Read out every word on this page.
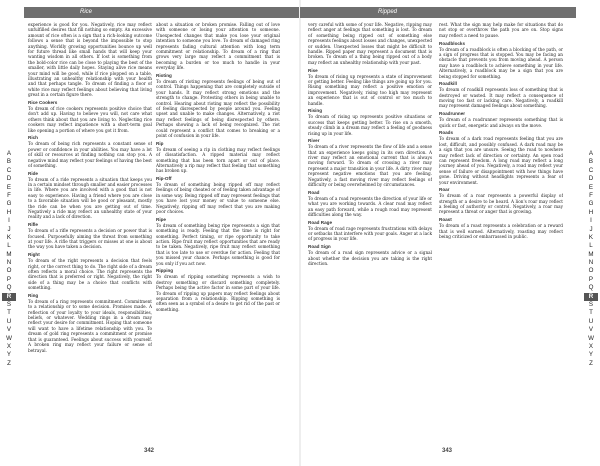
Rice
experience is good for you. Negatively, rice may reflect unfulfilled desires that fill nothing so empty. An excessive amount of rice often is a sign that a rich-looking outcome follows a sense that is beyond the impossible to stop anything. Worldly growing opportunities bounce up well for future thread like small hands that will keep your wanting wisdom in all others. If lost is something from the bold-color rice can be close to playing the best of the smaller, with little daily hopes. Staying alive rice means your mind will be good, while if rice plopped on a table, illustrating an unhealthy relationship with your health and that perhaps tangle. To dream of finding a floor of white rice may reflect feelings about believing that living great in a certain figure there.
Rice Cookers
To dream of rice cookers represents positive choice that don't add up. Having to believe you will, not care what others think about that you are living to. Neglecting rice cookers may reflect impatience with a short-term goal like opening a portion of where you got it from.
Rich
To dream of being rich represents a constant sense of power or confidence in your abilities. You may have a lot of skill or resources at finding nothing can stop you. A negative mind may reflect your feelings of having the best of something.
Ride
To dream of a ride represents a situation that keeps you in a certain mindset through smaller and easier processes in life. Where you are involved with a good that is not easy to experience. Having a friend where you are close to a favorable situation will be good or pleasant, mostly the ride can be when you are getting out of time. Negatively a ride may reflect an unhealthy state of your reality and a lack of direction.
Rifle
To dream of a rifle represents a decision or power that is focused. Purposefully aiming the threat from something at your life. A rifle that triggers or misses at one is about the way you have taken a decision.
Right
To dream of the right represents a decision that feels right, or the correct thing to do. The right side of a dream often reflects a moral choice. The right represents the direction that is preferred or right. Negatively, the right side of a thing may be a choice that conflicts with something.
Ring
To dream of a ring represents commitment. Commitment to a relationship or to some decision. Promises made. A reflection of your loyalty to your ideals, responsibilities, beliefs, or whatever. Wedding rings in a dream may reflect your desire for commitment. Hoping that someone will want to have a lifetime relationship with you. To dream of gold ring represents a commitment or promise that is guaranteed. Feelings about success with yourself. A broken ring may reflect your failure or sense of betrayal.
about a situation or broken promise. Falling out of love with someone or losing your attention to someone. Unexpected changes that make you lose your original intention to someone you love. To dream of damaged ring represents fading cultural attention with long term commitment or relationship. To dream of a ring that grows very large may reflect a commitment that is becoming a burden or too much to handle in your everyday life.
Rioting
To dream of rioting represents feelings of being out of control. Things happening that are completely outside of your hands. It may reflect strong emotions and the strength to change. Protesting others in being unable to control. Hearing about rioting may reflect the possibility of feeling disrespected by people around you. Feeling upset and unable to make changes. Alternatively, a riot may reflect feelings of being disrespected by others. Perhaps showing a lack of being recognized. The riot could represent a conflict that comes to breaking or a point of confusion in your life.
Rip
To dream of seeing a rip in clothing may reflect feelings of dissatisfaction. A ripped material may reflect something that has been torn apart or out of place. Alternatively a rip may reflect that feeling that something has broken up.
Rip-Off
To dream of something being ripped off may reflect feelings of being cheated or of feeling taken advantage of in some way. Being ripped off may represent feelings that you have lost your money or value to someone else. Negatively, ripping off may reflect that you are making poor choices.
Ripe
To dream of something being ripe represents a sign that something is ready. Feeling that the time is right for something. Perfect timing, or ripe opportunity to take action. Ripe fruit may reflect opportunities that are ready to be taken. Negatively, ripe fruit may reflect something that is too late to use or overdue for action. Feeling that you missed your chance. Perhaps something is good for you only if you act now.
Ripping
To dream of ripping something represents a wish to destroy something or discard something completely. Perhaps being the active factor in some part of your life. To dream of ripping up papers may reflect feelings about separation from a relationship. Ripping something is often seen as a symbol of a desire to get rid of the past or something.
A
B
C
D
E
F
G
H
I
J
K
L
M
N
O
P
Q
R
S
T
U
V
W
X
Y
Z
342
Ripped
very careful with some of your life. Negative, ripping may reflect anger at feelings that something is lost. To dream of something being ripped out of something else represents feelings about losses and changes, unexpected or sudden. Unexpected losses that might be difficult to handle. Ripped paper may represent a document that is broken. To dream of a thing being ripped out of a body may reflect an unhealthy relationship with your past.
Rise
To dream of rising up represents a state of improvement or getting better. Feeling like things are going up for you. Rising something may reflect a positive emotion or improvement. Negatively, rising too high may represent an experience that is out of control or too much to handle.
Rising
To dream of rising up represents positive situations or success that keeps getting better. To rise on a smooth, steady climb in a dream may reflect a feeling of goodness rising up in your life.
River
To dream of a river represents the flow of life and a sense that an experience keeps going in its own direction. A river may reflect an emotional current that is always moving forward. To dream of crossing a river may represent a major transition in your life. A dirty river may represent negative emotions that you are feeling. Negatively, a fast moving river may reflect feelings of difficulty or being overwhelmed by circumstances.
Road
To dream of a road represents the direction of your life or what you are working towards. A clear road may reflect an easy path forward, while a rough road may represent difficulties along the way.
Road Rage
To dream of road rage represents frustrations with delays or setbacks that interfere with your goals. Anger at a lack of progress in your life.
Road Sign
To dream of a road sign represents advice or a signal about whether the decision you are taking is the right direction.
rest. What the sign may help make for situations that do not stop or overthrow the path you are on. Stop signs may reflect a need to pause.
Roadblocks
To dream of a roadblock is often a blocking of the path, or a sign of progress that is stopped. You may be facing an obstacle that prevents you from moving ahead. A person may have a roadblock to achieve something in your life. Alternatively, a roadblock may be a sign that you are being stopped for something.
Roadkill
To dream of roadkill represents loss of something that is destroyed or wasted. It may reflect a consequence of moving too fast or lacking care. Negatively, a roadkill may represent damaged feelings about something.
Roadrunner
To dream of a roadrunner represents something that is quick or fast, energetic and always on the move.
Roads
To dream of a dark road represents feeling that you are lost, difficult, and possibly confused. A dark road may be a sign that you are unsure. Seeing the road to nowhere may reflect lack of direction or certainty. An open road can represent freedom. A long road may reflect a long journey ahead of you. Negatively, a road may reflect your sense of failure or disappointment with how things have gone. Driving without headlights represents a fear of your environment.
Roar
To dream of a roar represents a powerful display of strength or a desire to be heard. A lion's roar may reflect a feeling of authority or control. Negatively, a roar may represent a threat or anger that is growing.
Roast
To dream of a roast represents a celebration or a reward that is well earned. Alternatively, roasting may reflect being criticized or embarrassed in public.
A
B
C
D
E
F
G
H
I
J
K
L
M
N
O
P
Q
R
S
T
U
V
W
X
Y
Z
343
